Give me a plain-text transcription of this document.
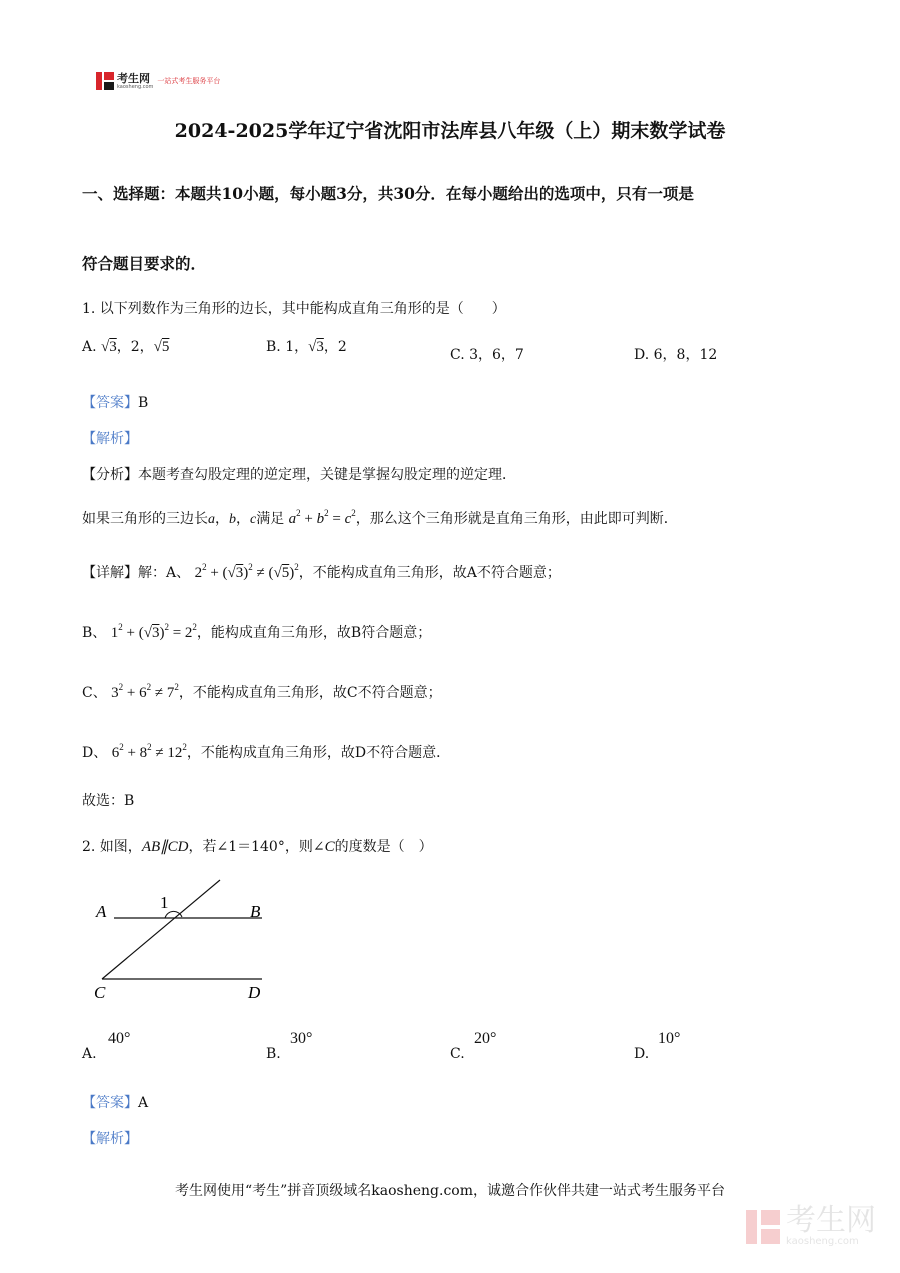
考生网
kaosheng.com
一站式考生服务平台
2024-2025学年辽宁省沈阳市法库县八年级（上）期末数学试卷
一、选择题：本题共10小题，每小题3分，共30分．在每小题给出的选项中，只有一项是
符合题目要求的．
1. 以下列数作为三角形的边长，其中能构成直角三角形的是（　　）
A. √3，2，√5	B. 1，√3，2	C. 3，6，7	D. 6，8，12
【答案】B
【解析】
【分析】本题考查勾股定理的逆定理，关键是掌握勾股定理的逆定理．
如果三角形的三边长a，b，c满足 $a^2 + b^2 = c^2$，那么这个三角形就是直角三角形，由此即可判断．
【详解】解：A、 $2^2 + (√3)^2 \ne (√5)^2$，不能构成直角三角形，故A不符合题意；
B、 $1^2 + (√3)^2 = 2^2$，能构成直角三角形，故B符合题意；
C、 $3^2 + 6^2 \ne 7^2$，不能构成直角三角形，故C不符合题意；
D、 $6^2 + 8^2 \ne 12^2$，不能构成直角三角形，故D不符合题意．
故选：B
2. 如图，AB∥CD，若∠1＝140°，则∠C的度数是（　）
A	B
1
C	D
A.
40°
B.
30°
C.
20°
D.
10°
【答案】A
【解析】
考生网使用“考生”拼音顶级域名kaosheng.com，诚邀合作伙伴共建一站式考生服务平台
考生网
kaosheng.com
